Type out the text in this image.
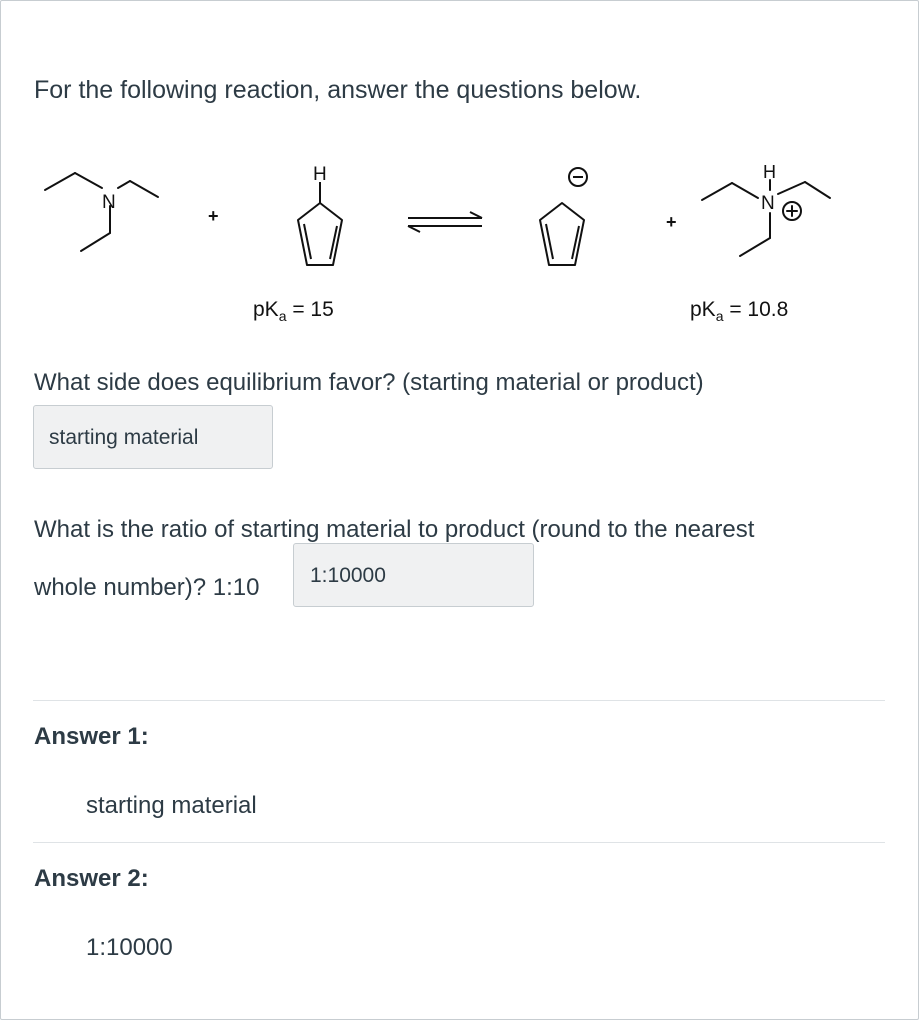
For the following reaction, answer the questions below.
N
+
H
+
H
N
$pK_a = 15$	$pK_a = 10.8$
What side does equilibrium favor? (starting material or product)
starting material
What is the ratio of starting material to product (round to the nearest
whole number)? 1:10	1:10000
Answer 1:
starting material
Answer 2:
1:10000
